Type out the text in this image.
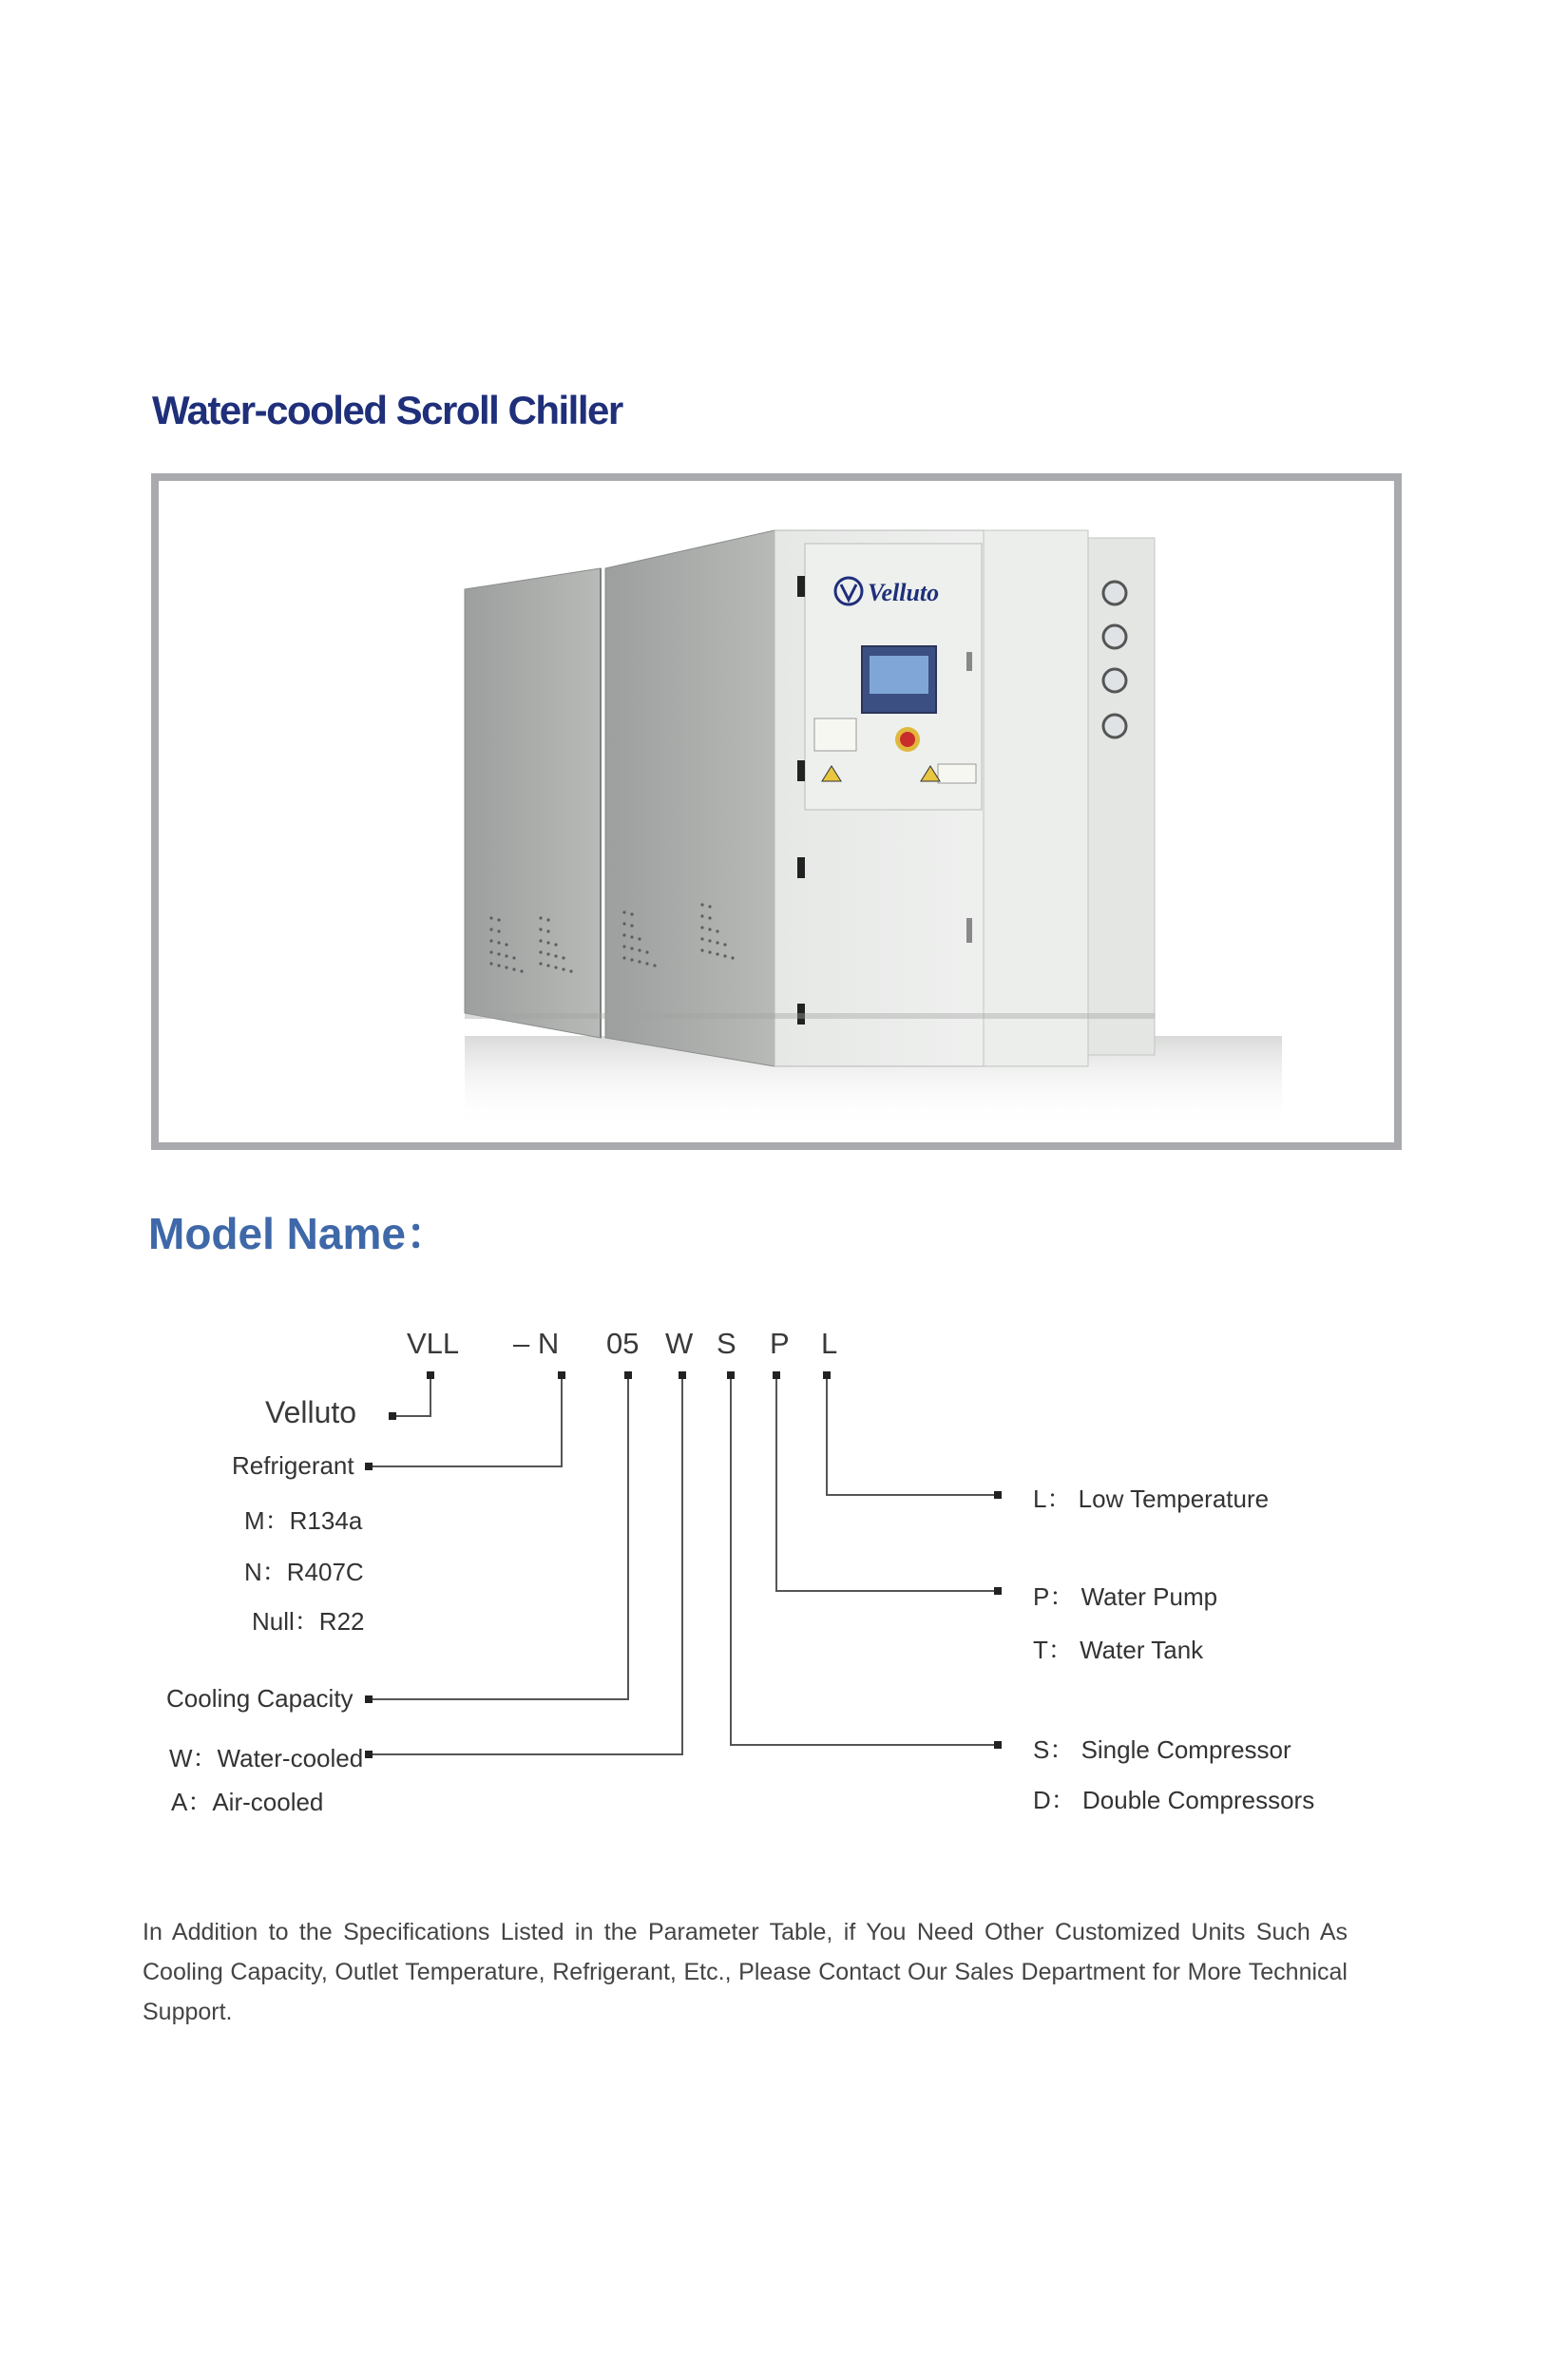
Water-cooled Scroll Chiller
Velluto
Model Name：
VLL – N 05 W S P L
Velluto
Refrigerant
M：R134a
N：R407C
Null：R22
Cooling Capacity
W：Water-cooled
A：Air-cooled
L： Low Temperature
P： Water Pump
T： Water Tank
S： Single Compressor
D： Double Compressors
In Addition to the Specifications Listed in the Parameter Table, if You Need Other Customized Units Such As Cooling Capacity, Outlet Temperature, Refrigerant, Etc., Please Contact Our Sales Department for More Technical Support.
